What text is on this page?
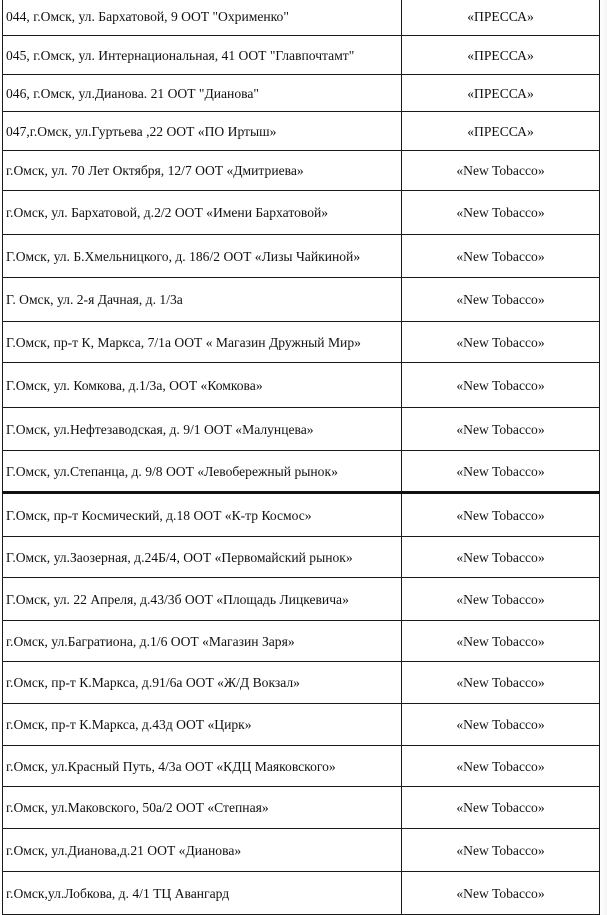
044, г.Омск, ул. Бархатовой, 9 ООТ "Охрименко"	«ПРЕССА»
045, г.Омск, ул. Интернациональная, 41 ООТ "Главпочтамт"	«ПРЕССА»
046, г.Омск, ул.Дианова. 21 ООТ "Дианова"	«ПРЕССА»
047,г.Омск, ул.Гуртьева ,22 ООТ «ПО Иртыш»	«ПРЕССА»
г.Омск, ул. 70 Лет Октября, 12/7 ООТ «Дмитриева»	«New Tobacco»
г.Омск, ул. Бархатовой, д.2/2 ООТ «Имени Бархатовой»	«New Tobacco»
Г.Омск, ул. Б.Хмельницкого, д. 186/2 ООТ «Лизы Чайкиной»	«New Tobacco»
Г. Омск, ул. 2-я Дачная, д. 1/3а	«New Tobacco»
Г.Омск, пр-т К, Маркса, 7/1а ООТ « Магазин Дружный Мир»	«New Tobacco»
Г.Омск, ул. Комкова, д.1/3а, ООТ «Комкова»	«New Tobacco»
Г.Омск, ул.Нефтезаводская, д. 9/1 ООТ «Малунцева»	«New Tobacco»
Г.Омск, ул.Степанца, д. 9/8 ООТ «Левобережный рынок»	«New Tobacco»
Г.Омск, пр-т Космический, д.18 ООТ «К-тр Космос»	«New Tobacco»
Г.Омск, ул.Заозерная, д.24Б/4, ООТ «Первомайский рынок»	«New Tobacco»
Г.Омск, ул. 22 Апреля, д.43/3б ООТ «Площадь Лицкевича»	«New Tobacco»
г.Омск, ул.Багратиона, д.1/6 ООТ «Магазин Заря»	«New Tobacco»
г.Омск, пр-т К.Маркса, д.91/6а ООТ «Ж/Д Вокзал»	«New Tobacco»
г.Омск, пр-т К.Маркса, д.43д ООТ «Цирк»	«New Tobacco»
г.Омск, ул.Красный Путь, 4/3а ООТ «КДЦ Маяковского»	«New Tobacco»
г.Омск, ул.Маковского, 50а/2 ООТ «Степная»	«New Tobacco»
г.Омск, ул.Дианова,д.21 ООТ «Дианова»	«New Tobacco»
г.Омск,ул.Лобкова, д. 4/1 ТЦ Авангард	«New Tobacco»
